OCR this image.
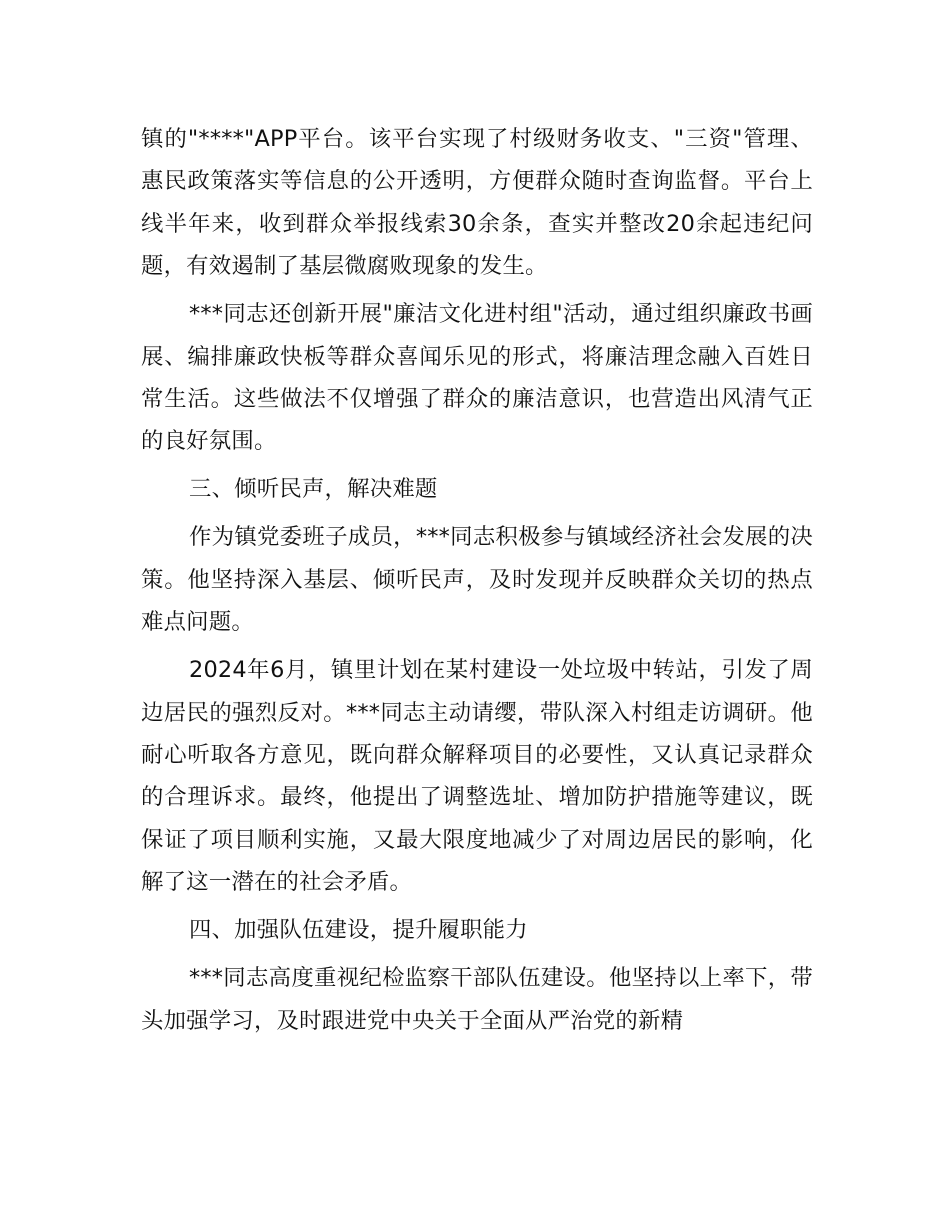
镇的"****"APP平台。该平台实现了村级财务收支、"三资"管理、惠民政策落实等信息的公开透明，方便群众随时查询监督。平台上线半年来，收到群众举报线索30余条，查实并整改20余起违纪问题，有效遏制了基层微腐败现象的发生。

***同志还创新开展"廉洁文化进村组"活动，通过组织廉政书画展、编排廉政快板等群众喜闻乐见的形式，将廉洁理念融入百姓日常生活。这些做法不仅增强了群众的廉洁意识，也营造出风清气正的良好氛围。

三、倾听民声，解决难题

作为镇党委班子成员，***同志积极参与镇域经济社会发展的决策。他坚持深入基层、倾听民声，及时发现并反映群众关切的热点难点问题。

2024年6月，镇里计划在某村建设一处垃圾中转站，引发了周边居民的强烈反对。***同志主动请缨，带队深入村组走访调研。他耐心听取各方意见，既向群众解释项目的必要性，又认真记录群众的合理诉求。最终，他提出了调整选址、增加防护措施等建议，既保证了项目顺利实施，又最大限度地减少了对周边居民的影响，化解了这一潜在的社会矛盾。

四、加强队伍建设，提升履职能力

***同志高度重视纪检监察干部队伍建设。他坚持以上率下，带头加强学习，及时跟进党中央关于全面从严治党的新精
